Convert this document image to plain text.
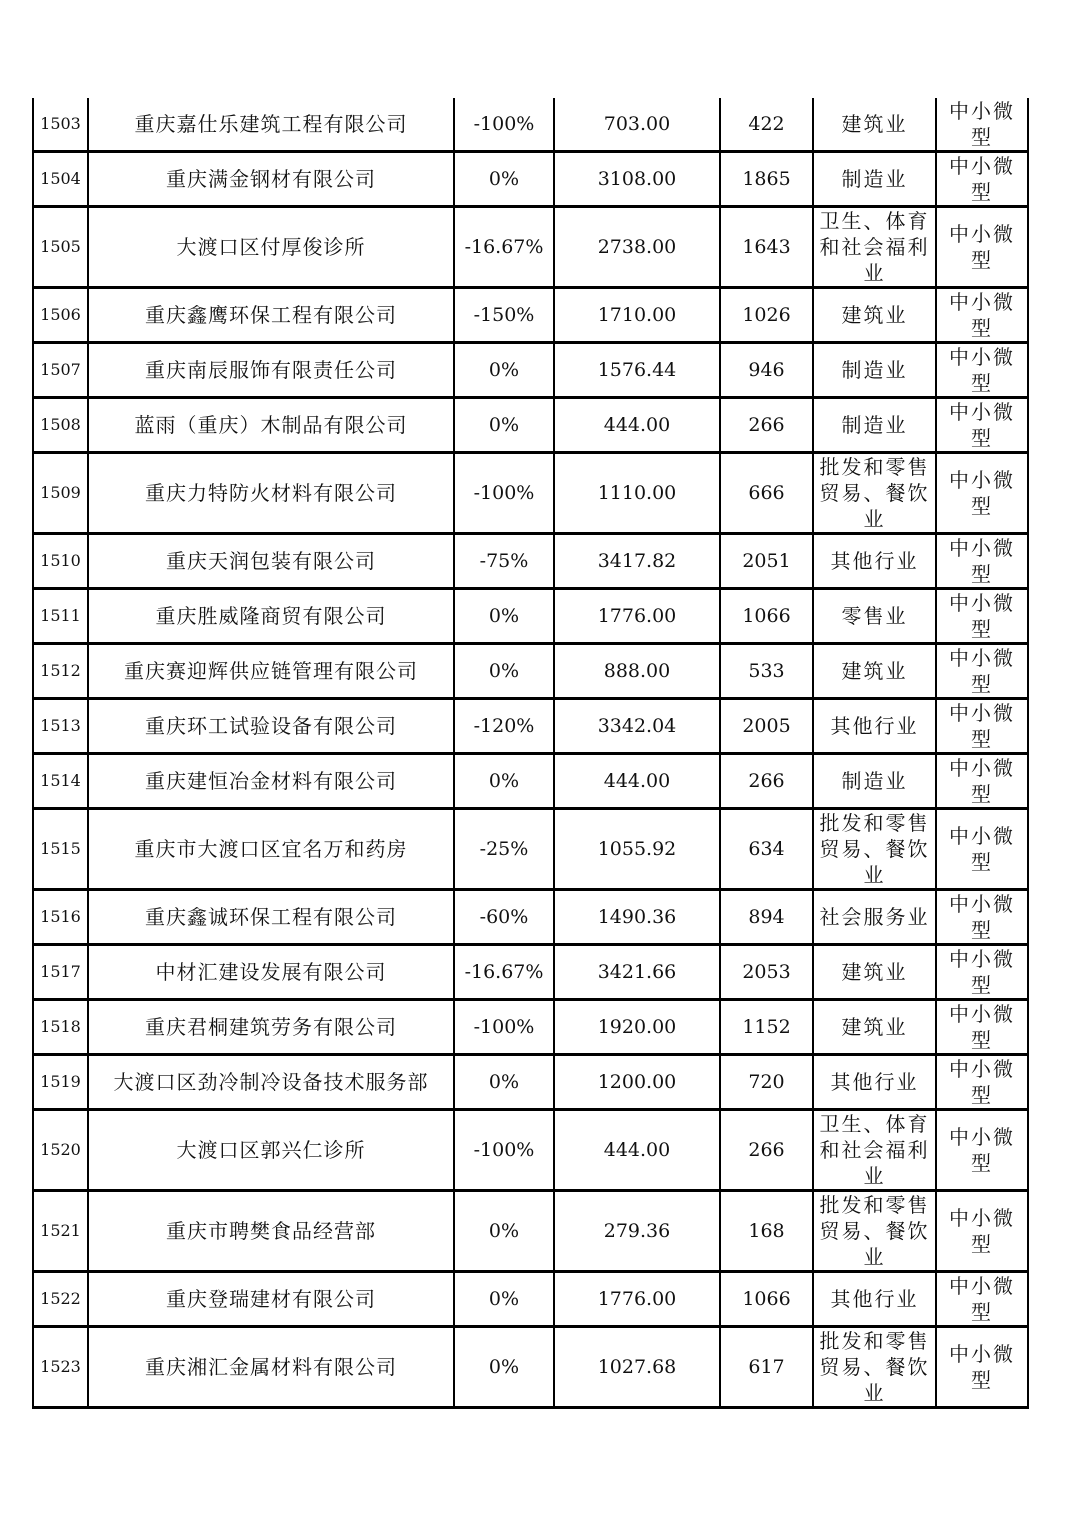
1503	重庆嘉仕乐建筑工程有限公司	-100%	703.00	422	建筑业	中小微型
1504	重庆满金钢材有限公司	0%	3108.00	1865	制造业	中小微型
1505	大渡口区付厚俊诊所	-16.67%	2738.00	1643	卫生、体育和社会福利业	中小微型
1506	重庆鑫鹰环保工程有限公司	-150%	1710.00	1026	建筑业	中小微型
1507	重庆南辰服饰有限责任公司	0%	1576.44	946	制造业	中小微型
1508	蓝雨（重庆）木制品有限公司	0%	444.00	266	制造业	中小微型
1509	重庆力特防火材料有限公司	-100%	1110.00	666	批发和零售贸易、餐饮业	中小微型
1510	重庆天润包装有限公司	-75%	3417.82	2051	其他行业	中小微型
1511	重庆胜威隆商贸有限公司	0%	1776.00	1066	零售业	中小微型
1512	重庆赛迎辉供应链管理有限公司	0%	888.00	533	建筑业	中小微型
1513	重庆环工试验设备有限公司	-120%	3342.04	2005	其他行业	中小微型
1514	重庆建恒冶金材料有限公司	0%	444.00	266	制造业	中小微型
1515	重庆市大渡口区宜名万和药房	-25%	1055.92	634	批发和零售贸易、餐饮业	中小微型
1516	重庆鑫诚环保工程有限公司	-60%	1490.36	894	社会服务业	中小微型
1517	中材汇建设发展有限公司	-16.67%	3421.66	2053	建筑业	中小微型
1518	重庆君桐建筑劳务有限公司	-100%	1920.00	1152	建筑业	中小微型
1519	大渡口区劲冷制冷设备技术服务部	0%	1200.00	720	其他行业	中小微型
1520	大渡口区郭兴仁诊所	-100%	444.00	266	卫生、体育和社会福利业	中小微型
1521	重庆市聘樊食品经营部	0%	279.36	168	批发和零售贸易、餐饮业	中小微型
1522	重庆登瑞建材有限公司	0%	1776.00	1066	其他行业	中小微型
1523	重庆湘汇金属材料有限公司	0%	1027.68	617	批发和零售贸易、餐饮业	中小微型
